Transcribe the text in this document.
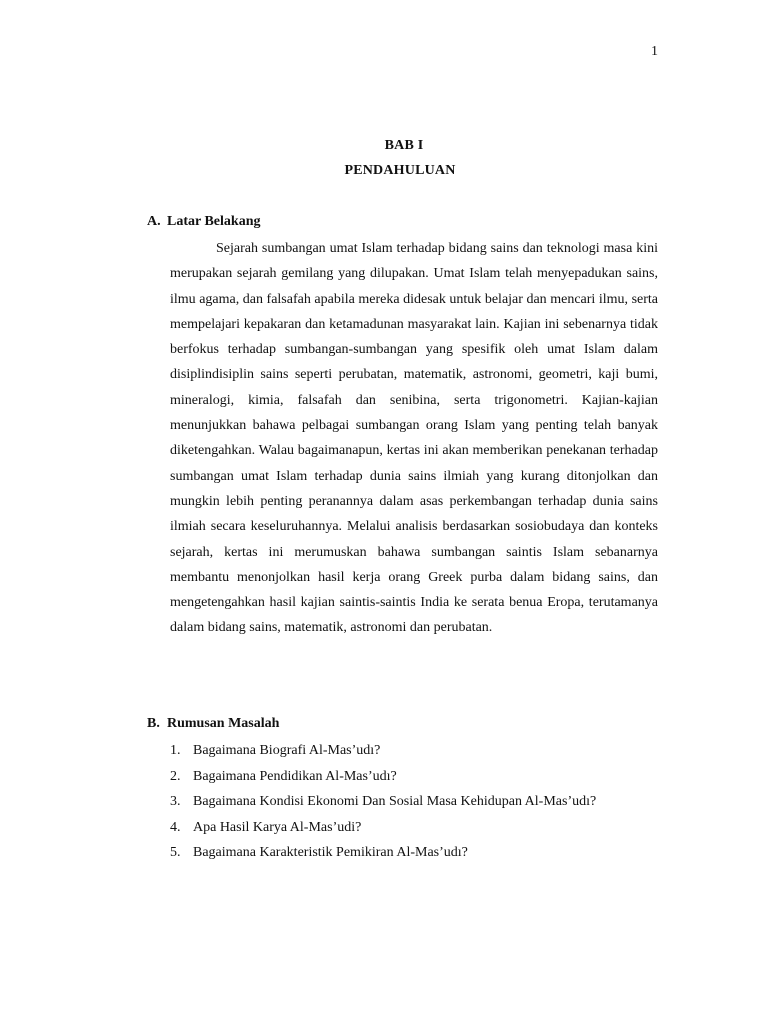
1
BAB I
PENDAHULUAN
A. Latar Belakang

Sejarah sumbangan umat Islam terhadap bidang sains dan teknologi masa kini merupakan sejarah gemilang yang dilupakan. Umat Islam telah menyepadukan sains, ilmu agama, dan falsafah apabila mereka didesak untuk belajar dan mencari ilmu, serta mempelajari kepakaran dan ketamadunan masyarakat lain. Kajian ini sebenarnya tidak berfokus terhadap sumbangan-sumbangan yang spesifik oleh umat Islam dalam disiplindisiplin sains seperti perubatan, matematik, astronomi, geometri, kaji bumi, mineralogi, kimia, falsafah dan senibina, serta trigonometri. Kajian-kajian menunjukkan bahawa pelbagai sumbangan orang Islam yang penting telah banyak diketengahkan. Walau bagaimanapun, kertas ini akan memberikan penekanan terhadap sumbangan umat Islam terhadap dunia sains ilmiah yang kurang ditonjolkan dan mungkin lebih penting peranannya dalam asas perkembangan terhadap dunia sains ilmiah secara keseluruhannya. Melalui analisis berdasarkan sosiobudaya dan konteks sejarah, kertas ini merumuskan bahawa sumbangan saintis Islam sebanarnya membantu menonjolkan hasil kerja orang Greek purba dalam bidang sains, dan mengetengahkan hasil kajian saintis-saintis India ke serata benua Eropa, terutamanya dalam bidang sains, matematik, astronomi dan perubatan.

B. Rumusan Masalah
1. Bagaimana Biografi Al-Mas’udı?
2. Bagaimana Pendidikan Al-Mas’udı?
3. Bagaimana Kondisi Ekonomi Dan Sosial Masa Kehidupan Al-Mas’udı?
4. Apa Hasil Karya Al-Mas’udi?
5. Bagaimana Karakteristik Pemikiran Al-Mas’udı?
